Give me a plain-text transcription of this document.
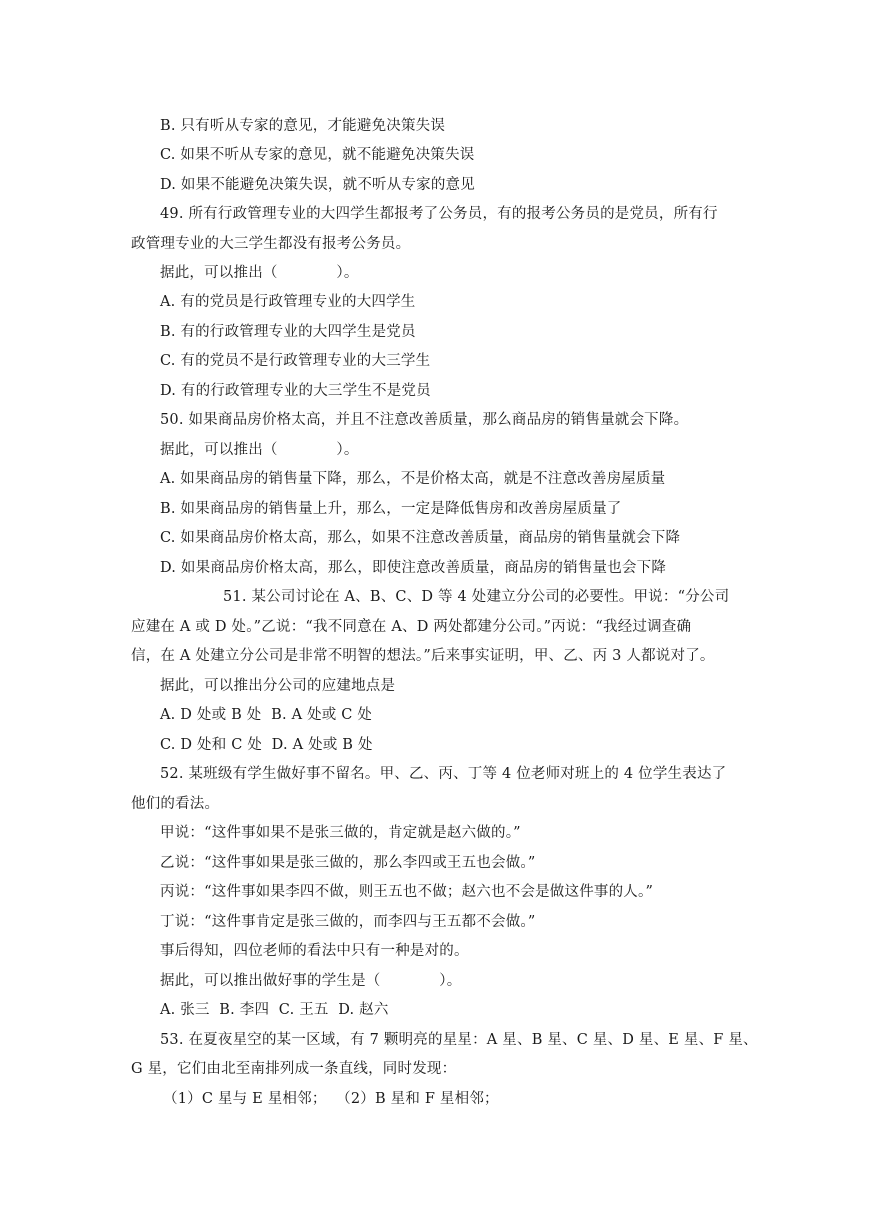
B. 只有听从专家的意见，才能避免决策失误
C. 如果不听从专家的意见，就不能避免决策失误
D. 如果不能避免决策失误，就不听从专家的意见
49. 所有行政管理专业的大四学生都报考了公务员，有的报考公务员的是党员，所有行
政管理专业的大三学生都没有报考公务员。
据此，可以推出（　　　　）。
A. 有的党员是行政管理专业的大四学生
B. 有的行政管理专业的大四学生是党员
C. 有的党员不是行政管理专业的大三学生
D. 有的行政管理专业的大三学生不是党员
50. 如果商品房价格太高，并且不注意改善质量，那么商品房的销售量就会下降。
据此，可以推出（　　　　）。
A. 如果商品房的销售量下降，那么，不是价格太高，就是不注意改善房屋质量
B. 如果商品房的销售量上升，那么，一定是降低售房和改善房屋质量了
C. 如果商品房价格太高，那么，如果不注意改善质量，商品房的销售量就会下降
D. 如果商品房价格太高，那么，即使注意改善质量，商品房的销售量也会下降
51. 某公司讨论在 A、B、C、D 等 4 处建立分公司的必要性。甲说：“分公司
应建在 A 或 D 处。”乙说：“我不同意在 A、D 两处都建分公司。”丙说：“我经过调查确
信，在 A 处建立分公司是非常不明智的想法。”后来事实证明，甲、乙、丙 3 人都说对了。
据此，可以推出分公司的应建地点是
A. D 处或 B 处  B. A 处或 C 处
C. D 处和 C 处  D. A 处或 B 处
52. 某班级有学生做好事不留名。甲、乙、丙、丁等 4 位老师对班上的 4 位学生表达了
他们的看法。
甲说：“这件事如果不是张三做的，肯定就是赵六做的。”
乙说：“这件事如果是张三做的，那么李四或王五也会做。”
丙说：“这件事如果李四不做，则王五也不做；赵六也不会是做这件事的人。”
丁说：“这件事肯定是张三做的，而李四与王五都不会做。”
事后得知，四位老师的看法中只有一种是对的。
据此，可以推出做好事的学生是（　　　　）。
A. 张三  B. 李四  C. 王五  D. 赵六
53. 在夏夜星空的某一区域，有 7 颗明亮的星星：A 星、B 星、C 星、D 星、E 星、F 星、
G 星，它们由北至南排列成一条直线，同时发现：
（1）C 星与 E 星相邻；  （2）B 星和 F 星相邻；
